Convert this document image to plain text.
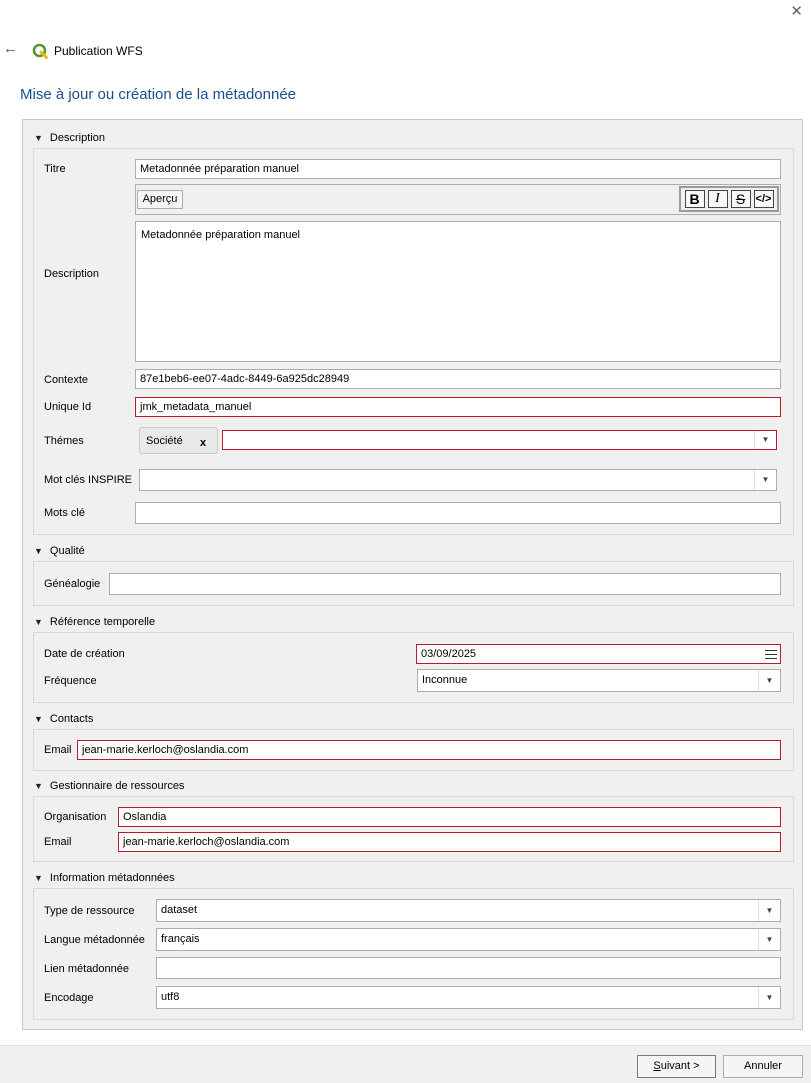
✕
←	Publication WFS
Mise à jour ou création de la métadonnée
▼ Description
Titre	Metadonnée préparation manuel
Aperçu	B	I	S </>
Description
Metadonnée préparation manuel
Contexte	87e1beb6-ee07-4adc-8449-6a925dc28949
Unique Id	jmk_metadata_manuel
Thémes	Société x	▼
Mot clés INSPIRE	▼
Mots clé
▼ Qualité
Généalogie
▼ Référence temporelle
Date de création	03/09/2025
Fréquence	Inconnue	▼
▼ Contacts
Email jean-marie.kerloch@oslandia.com
▼ Gestionnaire de ressources
Organisation	Oslandia
Email	jean-marie.kerloch@oslandia.com
▼ Information métadonnées
Type de ressource	dataset	▼
Langue métadonnée	français	▼
Lien métadonnée
Encodage	utf8	▼
Suivant >	Annuler
